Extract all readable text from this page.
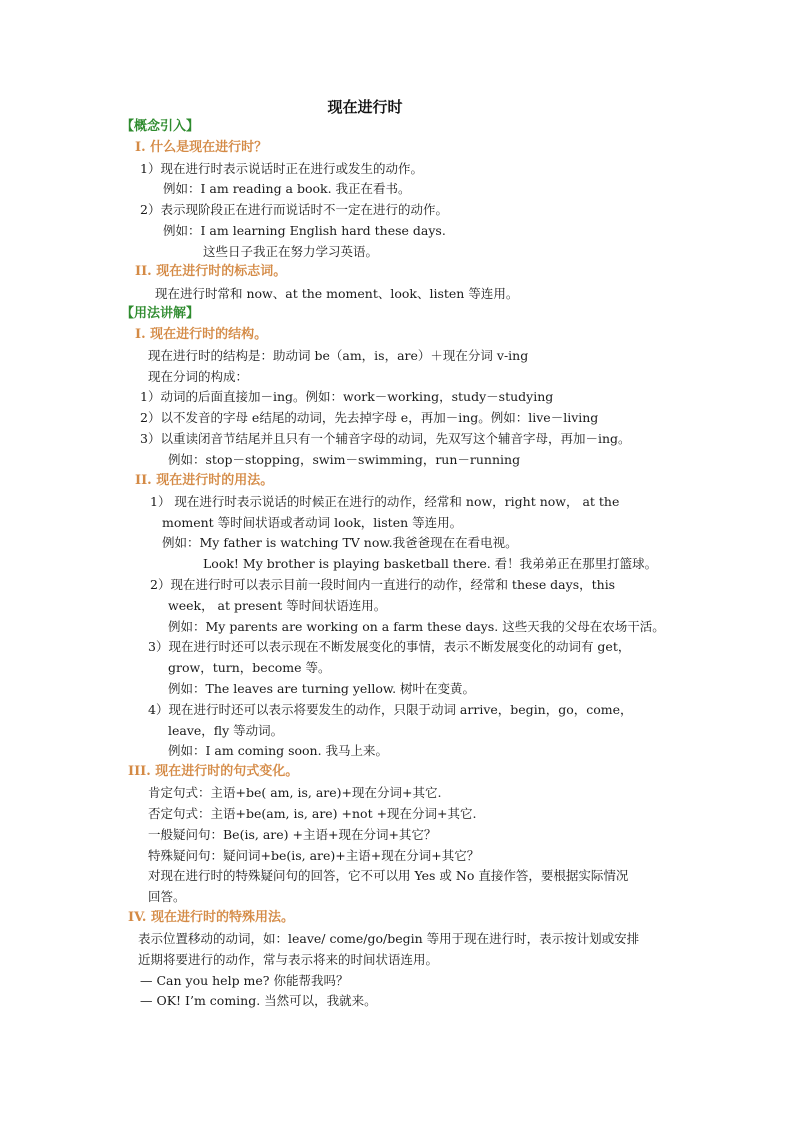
现在进行时
【概念引入】
I. 什么是现在进行时？
1）现在进行时表示说话时正在进行或发生的动作。
例如：I am reading a book. 我正在看书。
2）表示现阶段正在进行而说话时不一定在进行的动作。
例如：I am learning English hard these days.
这些日子我正在努力学习英语。
II. 现在进行时的标志词。
现在进行时常和 now、at the moment、look、listen 等连用。
【用法讲解】
I. 现在进行时的结构。
现在进行时的结构是：助动词 be（am，is，are）＋现在分词 v-ing
现在分词的构成：
1）动词的后面直接加－ing。例如：work－working，study－studying
2）以不发音的字母 e结尾的动词，先去掉字母 e，再加－ing。例如：live－living
3）以重读闭音节结尾并且只有一个辅音字母的动词，先双写这个辅音字母，再加－ing。
例如：stop－stopping，swim－swimming，run－running
II. 现在进行时的用法。
1） 现在进行时表示说话的时候正在进行的动作，经常和 now，right now， at the
moment 等时间状语或者动词 look，listen 等连用。
例如：My father is watching TV now.我爸爸现在在看电视。
Look! My brother is playing basketball there. 看！我弟弟正在那里打篮球。
2）现在进行时可以表示目前一段时间内一直进行的动作，经常和 these days，this
week， at present 等时间状语连用。
例如：My parents are working on a farm these days. 这些天我的父母在农场干活。
3）现在进行时还可以表示现在不断发展变化的事情，表示不断发展变化的动词有 get，
grow，turn，become 等。
例如：The leaves are turning yellow. 树叶在变黄。
4）现在进行时还可以表示将要发生的动作，只限于动词 arrive，begin，go，come，
leave，fly 等动词。
例如：I am coming soon. 我马上来。
III. 现在进行时的句式变化。
肯定句式：主语+be( am, is, are)+现在分词+其它.
否定句式：主语+be(am, is, are) +not +现在分词+其它.
一般疑问句：Be(is, are) +主语+现在分词+其它？
特殊疑问句：疑问词+be(is, are)+主语+现在分词+其它？
对现在进行时的特殊疑问句的回答，它不可以用 Yes 或 No 直接作答，要根据实际情况
回答。
IV. 现在进行时的特殊用法。
表示位置移动的动词，如：leave/ come/go/begin 等用于现在进行时，表示按计划或安排
近期将要进行的动作，常与表示将来的时间状语连用。
— Can you help me? 你能帮我吗？
— OK! I’m coming. 当然可以，我就来。
